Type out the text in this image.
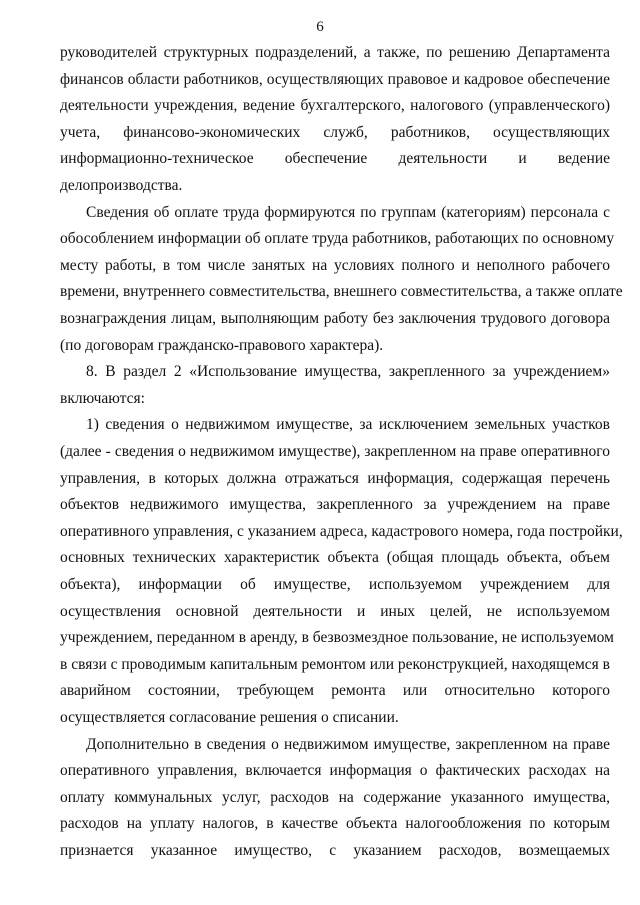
6
руководителей структурных подразделений, а также, по решению Департамента
финансов области работников, осуществляющих правовое и кадровое обеспечение
деятельности учреждения, ведение бухгалтерского, налогового (управленческого)
учета, финансово-экономических служб, работников, осуществляющих
информационно-техническое обеспечение деятельности и ведение
делопроизводства.
Сведения об оплате труда формируются по группам (категориям) персонала с
обособлением информации об оплате труда работников, работающих по основному
месту работы, в том числе занятых на условиях полного и неполного рабочего
времени, внутреннего совместительства, внешнего совместительства, а также оплате
вознаграждения лицам, выполняющим работу без заключения трудового договора
(по договорам гражданско-правового характера).
8. В раздел 2 «Использование имущества, закрепленного за учреждением»
включаются:
1) сведения о недвижимом имуществе, за исключением земельных участков
(далее - сведения о недвижимом имуществе), закрепленном на праве оперативного
управления, в которых должна отражаться информация, содержащая перечень
объектов недвижимого имущества, закрепленного за учреждением на праве
оперативного управления, с указанием адреса, кадастрового номера, года постройки,
основных технических характеристик объекта (общая площадь объекта, объем
объекта), информации об имуществе, используемом учреждением для
осуществления основной деятельности и иных целей, не используемом
учреждением, переданном в аренду, в безвозмездное пользование, не используемом
в связи с проводимым капитальным ремонтом или реконструкцией, находящемся в
аварийном состоянии, требующем ремонта или относительно которого
осуществляется согласование решения о списании.
Дополнительно в сведения о недвижимом имуществе, закрепленном на праве
оперативного управления, включается информация о фактических расходах на
оплату коммунальных услуг, расходов на содержание указанного имущества,
расходов на уплату налогов, в качестве объекта налогообложения по которым
признается указанное имущество, с указанием расходов, возмещаемых
